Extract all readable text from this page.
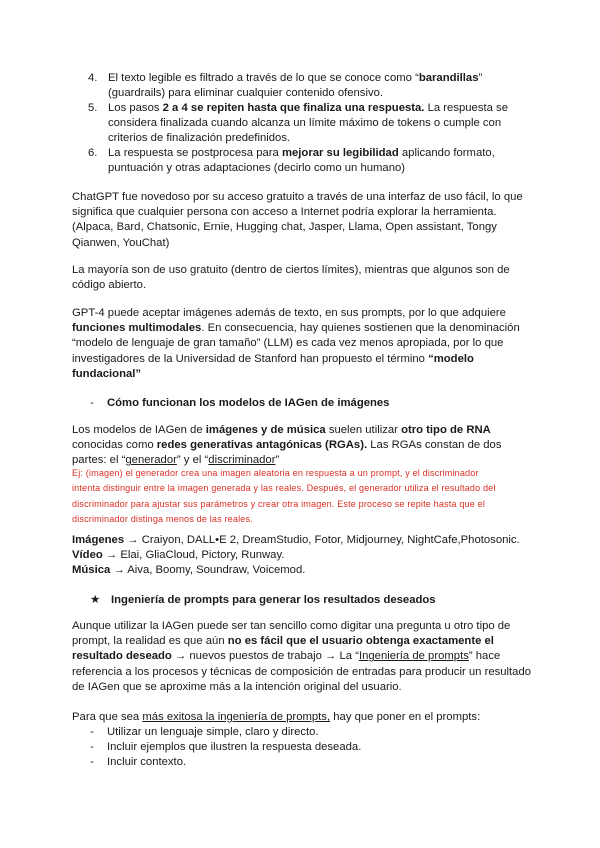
4. El texto legible es filtrado a través de lo que se conoce como “barandillas”
(guardrails) para eliminar cualquier contenido ofensivo.
5. Los pasos 2 a 4 se repiten hasta que finaliza una respuesta. La respuesta se
considera finalizada cuando alcanza un límite máximo de tokens o cumple con
criterios de finalización predefinidos.
6. La respuesta se postprocesa para mejorar su legibilidad aplicando formato,
puntuación y otras adaptaciones (decirlo como un humano)
ChatGPT fue novedoso por su acceso gratuito a través de una interfaz de uso fácil, lo que
significa que cualquier persona con acceso a Internet podría explorar la herramienta.
(Alpaca, Bard, Chatsonic, Ernie, Hugging chat, Jasper, Llama, Open assistant, Tongy
Qianwen, YouChat)
La mayoría son de uso gratuito (dentro de ciertos límites), mientras que algunos son de
código abierto.
GPT-4 puede aceptar imágenes además de texto, en sus prompts, por lo que adquiere
funciones multimodales. En consecuencia, hay quienes sostienen que la denominación
“modelo de lenguaje de gran tamaño” (LLM) es cada vez menos apropiada, por lo que
investigadores de la Universidad de Stanford han propuesto el término “modelo
fundacional”
- Cómo funcionan los modelos de IAGen de imágenes
Los modelos de IAGen de imágenes y de música suelen utilizar otro tipo de RNA
conocidas como redes generativas antagónicas (RGAs). Las RGAs constan de dos
partes: el “generador” y el “discriminador”
Ej: (imagen) el generador crea una imagen aleatoria en respuesta a un prompt, y el discriminador
intenta distinguir entre la imagen generada y las reales. Después, el generador utiliza el resultado del
discriminador para ajustar sus parámetros y crear otra imagen. Este proceso se repite hasta que el
discriminador distinga menos de las reales.
Imágenes → Craiyon, DALL•E 2, DreamStudio, Fotor, Midjourney, NightCafe,Photosonic.
Vídeo → Elai, GliaCloud, Pictory, Runway.
Música → Aiva, Boomy, Soundraw, Voicemod.
★ Ingeniería de prompts para generar los resultados deseados
Aunque utilizar la IAGen puede ser tan sencillo como digitar una pregunta u otro tipo de
prompt, la realidad es que aún no es fácil que el usuario obtenga exactamente el
resultado deseado → nuevos puestos de trabajo → La “Ingeniería de prompts” hace
referencia a los procesos y técnicas de composición de entradas para producir un resultado
de IAGen que se aproxime más a la intención original del usuario.
Para que sea más exitosa la ingeniería de prompts, hay que poner en el prompts:
- Utilizar un lenguaje simple, claro y directo.
- Incluir ejemplos que ilustren la respuesta deseada.
- Incluir contexto.
